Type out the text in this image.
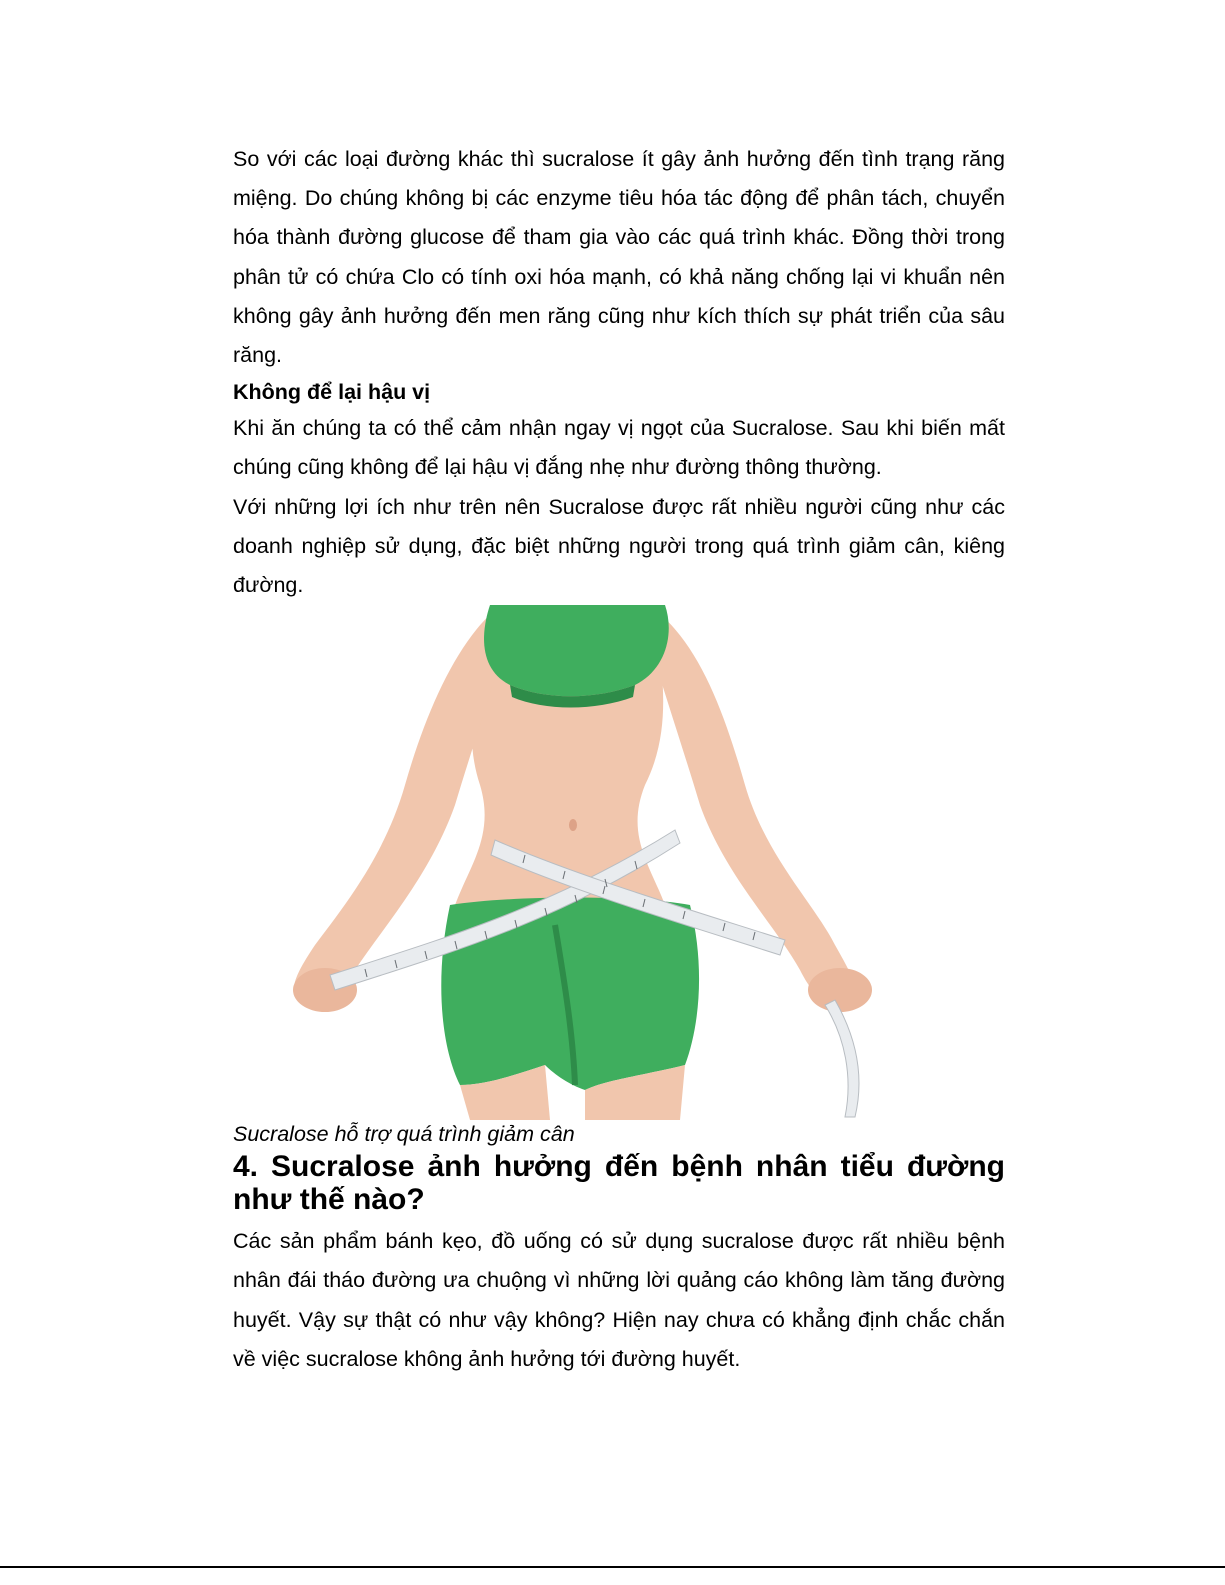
So với các loại đường khác thì sucralose ít gây ảnh hưởng đến tình trạng răng miệng. Do chúng không bị các enzyme tiêu hóa tác động để phân tách, chuyển hóa thành đường glucose để tham gia vào các quá trình khác. Đồng thời trong phân tử có chứa Clo có tính oxi hóa mạnh, có khả năng chống lại vi khuẩn nên không gây ảnh hưởng đến men răng cũng như kích thích sự phát triển của sâu răng.

Không để lại hậu vị

Khi ăn chúng ta có thể cảm nhận ngay vị ngọt của Sucralose. Sau khi biến mất chúng cũng không để lại hậu vị đắng nhẹ như đường thông thường.

Với những lợi ích như trên nên Sucralose được rất nhiều người cũng như các doanh nghiệp sử dụng, đặc biệt những người trong quá trình giảm cân, kiêng đường.

Sucralose hỗ trợ quá trình giảm cân

4. Sucralose ảnh hưởng đến bệnh nhân tiểu đường như thế nào?

Các sản phẩm bánh kẹo, đồ uống có sử dụng sucralose được rất nhiều bệnh nhân đái tháo đường ưa chuộng vì những lời quảng cáo không làm tăng đường huyết. Vậy sự thật có như vậy không? Hiện nay chưa có khẳng định chắc chắn về việc sucralose không ảnh hưởng tới đường huyết.
